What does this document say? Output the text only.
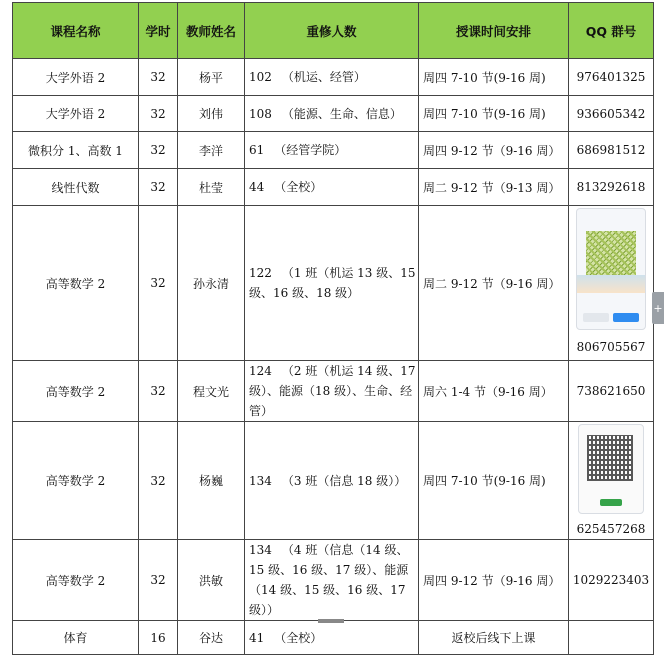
课程名称	学时	教师姓名	重修人数	授课时间安排	QQ 群号
大学外语 2	32	杨平	102 （机运、经管）	周四 7-10 节(9-16 周)	976401325
大学外语 2	32	刘伟	108 （能源、生命、信息）	周四 7-10 节(9-16 周)	936605342
微积分 1、高数 1	32	李洋	61 （经管学院）	周四 9-12 节（9-16 周）	686981512
线性代数	32	杜莹	44 （全校）	周二 9-12 节（9-13 周）	813292618
高等数学 2	32	孙永清	122 （1 班（机运 13 级、15 级、16 级、18 级）	周二 9-12 节（9-16 周）	806705567

高等数学 2	32	程文光	124 （2 班（机运 14 级、17 级）、能源（18 级）、生命、经管）	周六 1-4 节（9-16 周）	738621650
高等数学 2	32	杨巍	134 （3 班（信息 18 级））	周四 7-10 节(9-16 周)	625457268

高等数学 2	32	洪敏	134 （4 班（信息（14 级、15 级、16 级、17 级）、能源（14 级、15 级、16 级、17 级））	周四 9-12 节（9-16 周）	1029223403
体育	16	谷达	41 （全校）	返校后线下上课	
+
